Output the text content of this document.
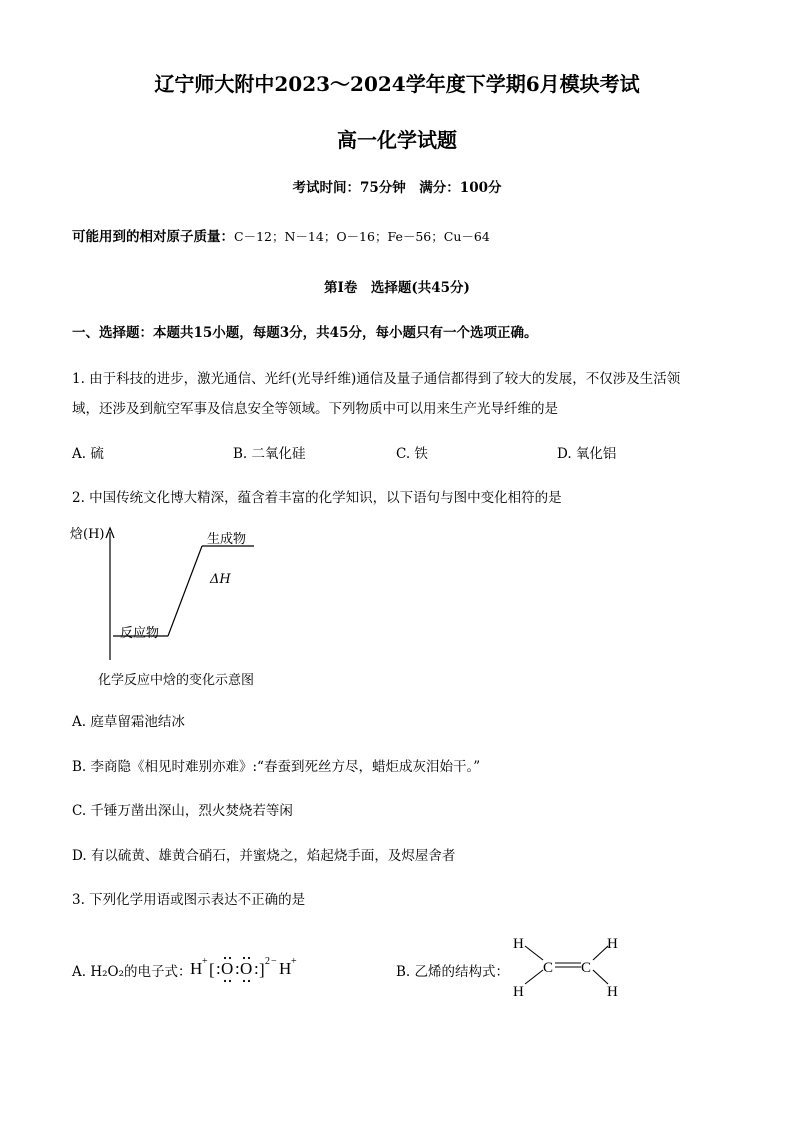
辽宁师大附中2023～2024学年度下学期6月模块考试
高一化学试题
考试时间：75分钟　满分：100分
可能用到的相对原子质量：C－12；N－14；O－16；Fe－56；Cu－64
第Ⅰ卷　选择题(共45分)
一、选择题：本题共15小题，每题3分，共45分，每小题只有一个选项正确。
1. 由于科技的进步，激光通信、光纤(光导纤维)通信及量子通信都得到了较大的发展，不仅涉及生活领
域，还涉及到航空军事及信息安全等领域。下列物质中可以用来生产光导纤维的是
A. 硫	B. 二氧化硅	C. 铁	D. 氧化铝
2. 中国传统文化博大精深，蕴含着丰富的化学知识，以下语句与图中变化相符的是
焓(H)	生成物
ΔH
反应物
化学反应中焓的变化示意图
A. 庭草留霜池结冰
B. 李商隐《相见时难别亦难》:“春蚕到死丝方尽，蜡炬成灰泪始干。”
C. 千锤万凿出深山，烈火焚烧若等闲
D. 有以硫黄、雄黄合硝石，并蜜烧之，焰起烧手面，及烬屋舍者
3. 下列化学用语或图示表达不正确的是
A. H₂O₂的电子式：
H + [ : O : O : ] 2 − H +
B. 乙烯的结构式：
H
H
C C
H
H
